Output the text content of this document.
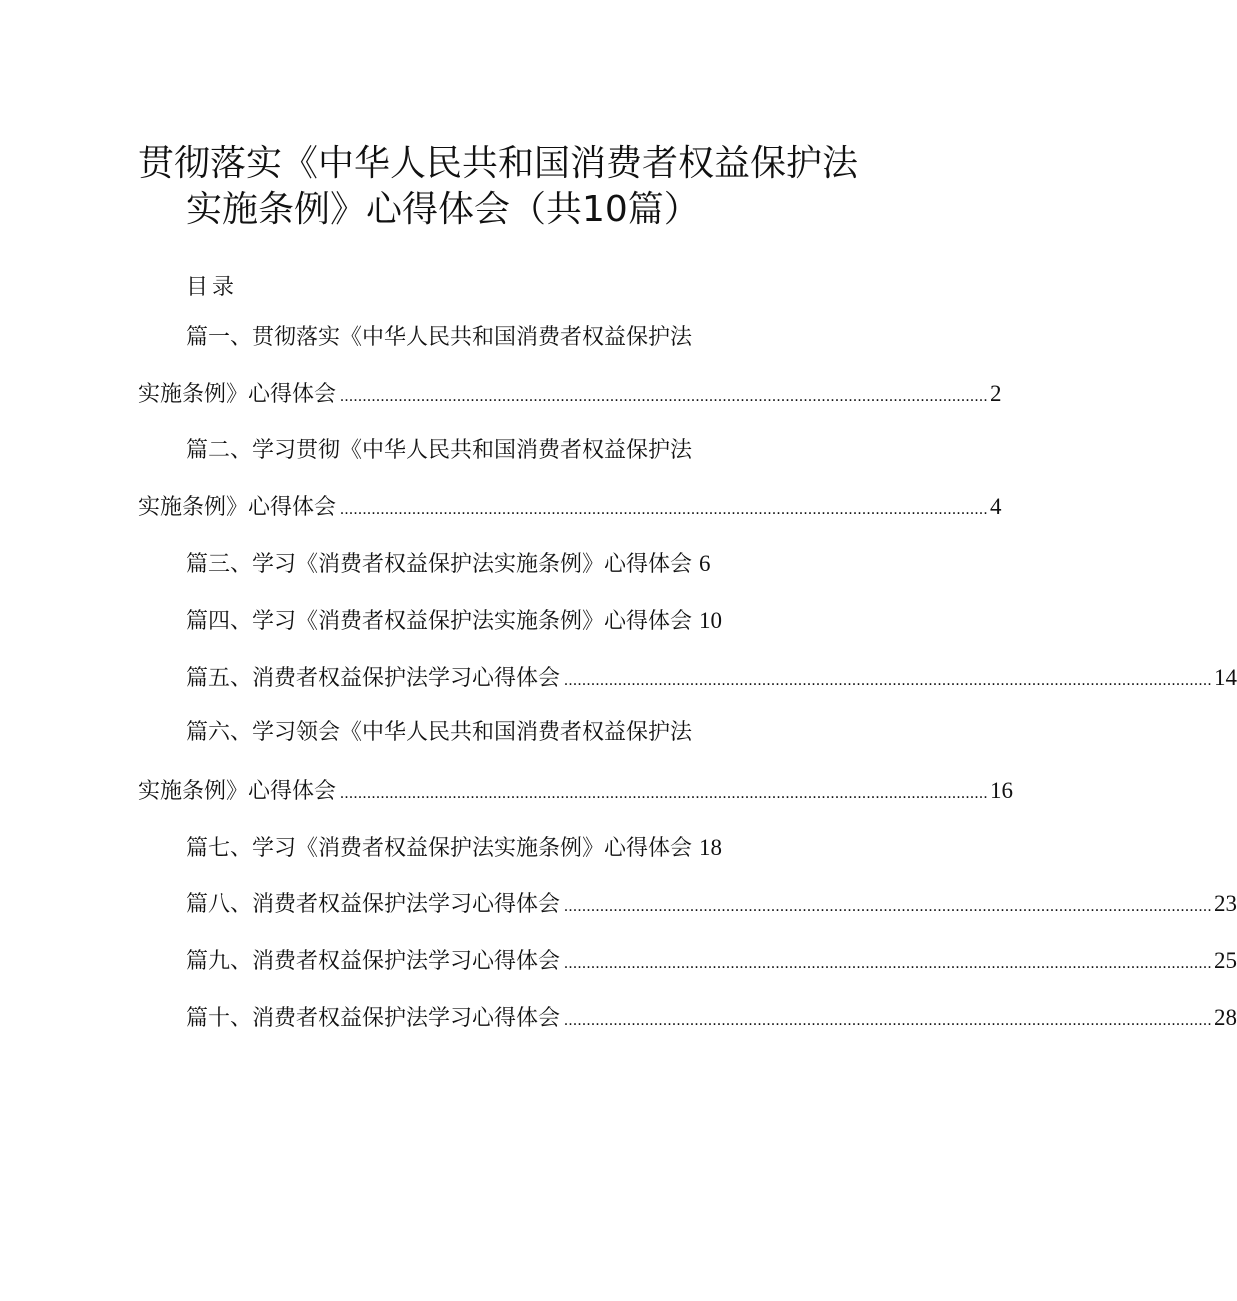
贯彻落实《中华人民共和国消费者权益保护法
实施条例》心得体会（共10篇）
目录
篇一、贯彻落实《中华人民共和国消费者权益保护法
实施条例》心得体会 ................................................................................................................................................ 2
篇二、学习贯彻《中华人民共和国消费者权益保护法
实施条例》心得体会 ................................................................................................................................................ 4
篇三、学习《消费者权益保护法实施条例》心得体会 6
篇四、学习《消费者权益保护法实施条例》心得体会 10
篇五、消费者权益保护法学习心得体会 ................................................................................................................................................ 14
篇六、学习领会《中华人民共和国消费者权益保护法
实施条例》心得体会 ................................................................................................................................................ 16
篇七、学习《消费者权益保护法实施条例》心得体会 18
篇八、消费者权益保护法学习心得体会 ................................................................................................................................................ 23
篇九、消费者权益保护法学习心得体会 ................................................................................................................................................ 25
篇十、消费者权益保护法学习心得体会 ................................................................................................................................................ 28
